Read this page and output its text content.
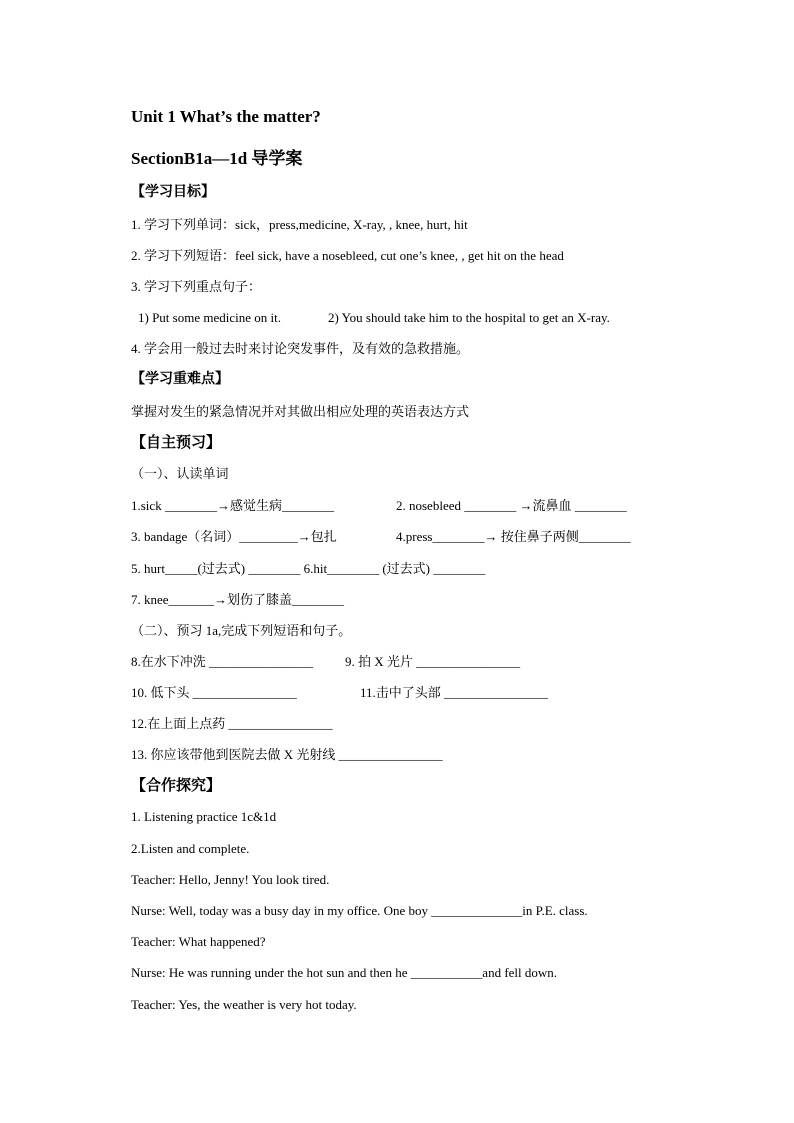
Unit 1 What’s the matter?
SectionB1a—1d 导学案
【学习目标】
1. 学习下列单词：sick，press,medicine, X-ray, , knee, hurt, hit
2. 学习下列短语：feel sick, have a nosebleed, cut one’s knee, , get hit on the head
3. 学习下列重点句子：
1) Put some medicine on it.	2) You should take him to the hospital to get an X-ray.
4. 学会用一般过去时来讨论突发事件，及有效的急救措施。
【学习重难点】
掌握对发生的紧急情况并对其做出相应处理的英语表达方式
【自主预习】
（一）、认读单词
1.sick ________→感觉生病________	2. nosebleed ________ →流鼻血 ________
3. bandage（名词）_________→包扎	4.press________→ 按住鼻子两侧________
5. hurt_____(过去式) ________ 6.hit________ (过去式) ________
7. knee_______→划伤了膝盖________
（二）、预习 1a,完成下列短语和句子。
8.在水下冲洗 ________________ 9. 拍 X 光片 ________________
10. 低下头 ________________	11.击中了头部 ________________
12.在上面上点药 ________________
13. 你应该带他到医院去做 X 光射线 ________________
【合作探究】
1. Listening practice 1c&1d
2.Listen and complete.
Teacher: Hello, Jenny! You look tired.
Nurse: Well, today was a busy day in my office. One boy ______________in P.E. class.
Teacher: What happened?
Nurse: He was running under the hot sun and then he ___________and fell down.
Teacher: Yes, the weather is very hot today.
